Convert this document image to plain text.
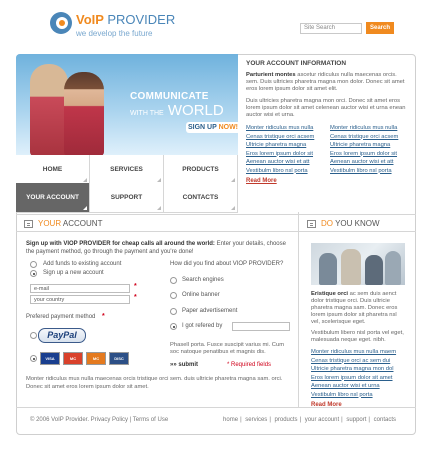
VoIP PROVIDER
we develop the future
Site Search	Search
COMMUNICATE
WITH THE WORLD
SIGN UP NOW!
HOME	SERVICES	PRODUCTS
YOUR ACCOUNT	SUPPORT	CONTACTS
YOUR ACCOUNT INFORMATION

Parturient montes ascetur ridiculus nulla maecenas orcis. sem. Duis ultricies pharetra magna mon dolor. Donec sit amet eros lorem ipsum dolor sit amet elit.

Duis ultricies pharetra magna mon orci. Donec sit amet eros lorem ipsum dolor sit amet celenean auctor wisi et urna enean auctor wisi et urna.

Monter ridiculus mus nulla
Cenas tristique orci acsem
Ultricie pharetra magna
Eros lorem ipsum dolor sit
Aenean auctor wisi et att
Vestibulm libro nsl porta
Monter ridiculus mus nulla
Cenas tristique orci acsem
Ultricie pharetra magna
Eros lorem ipsum dolor sit
Aenean auctor wisi et att
Vestibulm libro nsl porta
Read More
YOUR ACCOUNT
Sign up with VIOP PROVIDER for cheap calls all around the world: Enter your details, choose the payment method, go through the payment and you're done!
Add funds to existing account
Sign up a new account
e-mail	*
your country	*
Prefered payment method *
PayPal
VISA	MC	MC	DISC
How did you find about VIOP PROVIDER?
Search engines
Online banner
Paper advertisement
I got refered by
Phasell porta. Fusce suscipit varius mi. Cum soc natoque penatibus et magnis dis.
»» submit	* Required fields
Monter ridiculus mus nulla maecenas orcis tristique orci sem. duis ultricie pharetra magna sam. orci. Donec sit amet eros lorem ipsum dolor sit amet.
DO YOU KNOW
Eristique orci ac sem duis aenct dolor tristique orci. Duis ultricie pharetra magna sam. Donec eros lorem ipsum dolor sit pharetra nsl vel, scelerisque eget.
Vestibulum libero nisl porta vel eget, malesuada neque eget. nibh.
Monter ridiculus mus nulla maem
Cenas tristique orci ac sem dui
Ultricie pharetra magna mon dol
Eros lorem ipsum dolor sit amet
Aenean auctor wisi et urna
Vestibulm libro nsl porta
Read More
© 2006 VoIP Provider. Privacy Policy | Terms of Use	home | services | products | your account | support | contacts
